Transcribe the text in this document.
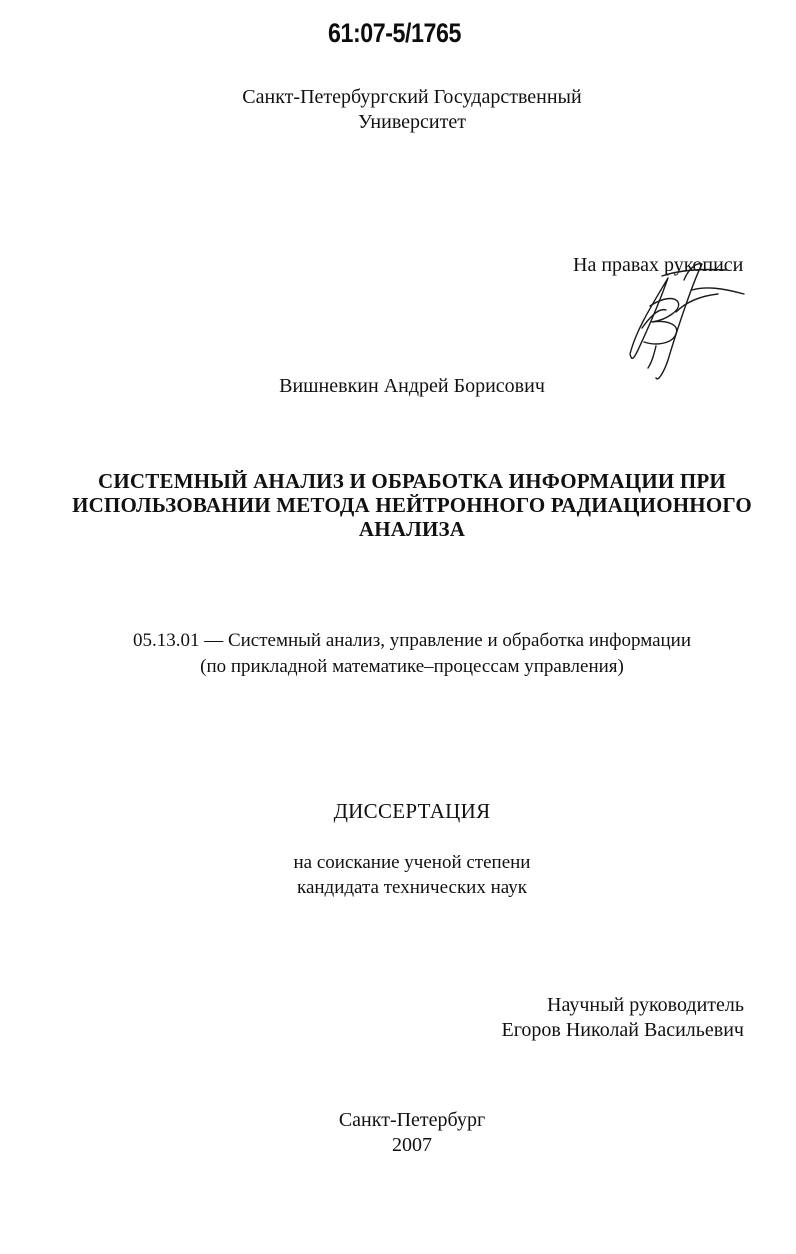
61:07-5/1765
Санкт-Петербургский Государственный
Университет
На правах рукописи
Вишневкин Андрей Борисович
СИСТЕМНЫЙ АНАЛИЗ И ОБРАБОТКА ИНФОРМАЦИИ ПРИ
ИСПОЛЬЗОВАНИИ МЕТОДА НЕЙТРОННОГО РАДИАЦИОННОГО
АНАЛИЗА
05.13.01 — Системный анализ, управление и обработка информации
(по прикладной математике–процессам управления)
ДИССЕРТАЦИЯ
на соискание ученой степени
кандидата технических наук
Научный руководитель
Егоров Николай Васильевич
Санкт-Петербург
2007
